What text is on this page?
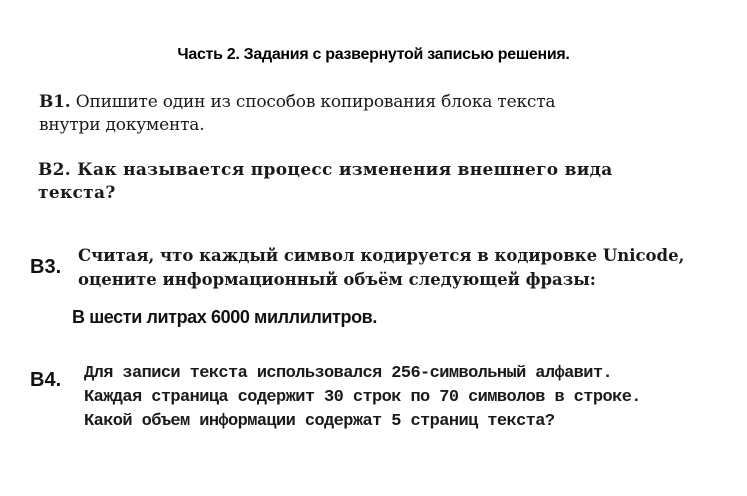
Часть 2. Задания с развернутой записью решения.
В1. Опишите один из способов копирования блока текста
внутри документа.
В2. Как называется процесс изменения внешнего вида
текста?
В3.
Считая, что каждый символ кодируется в кодировке Unicode,
оцените информационный объём следующей фразы:
В шести литрах 6000 миллилитров.
В4. Для записи текста использовался 256-символьный алфавит.
Каждая страница содержит 30 строк по 70 символов в строке.
Какой объем информации содержат 5 страниц текста?
